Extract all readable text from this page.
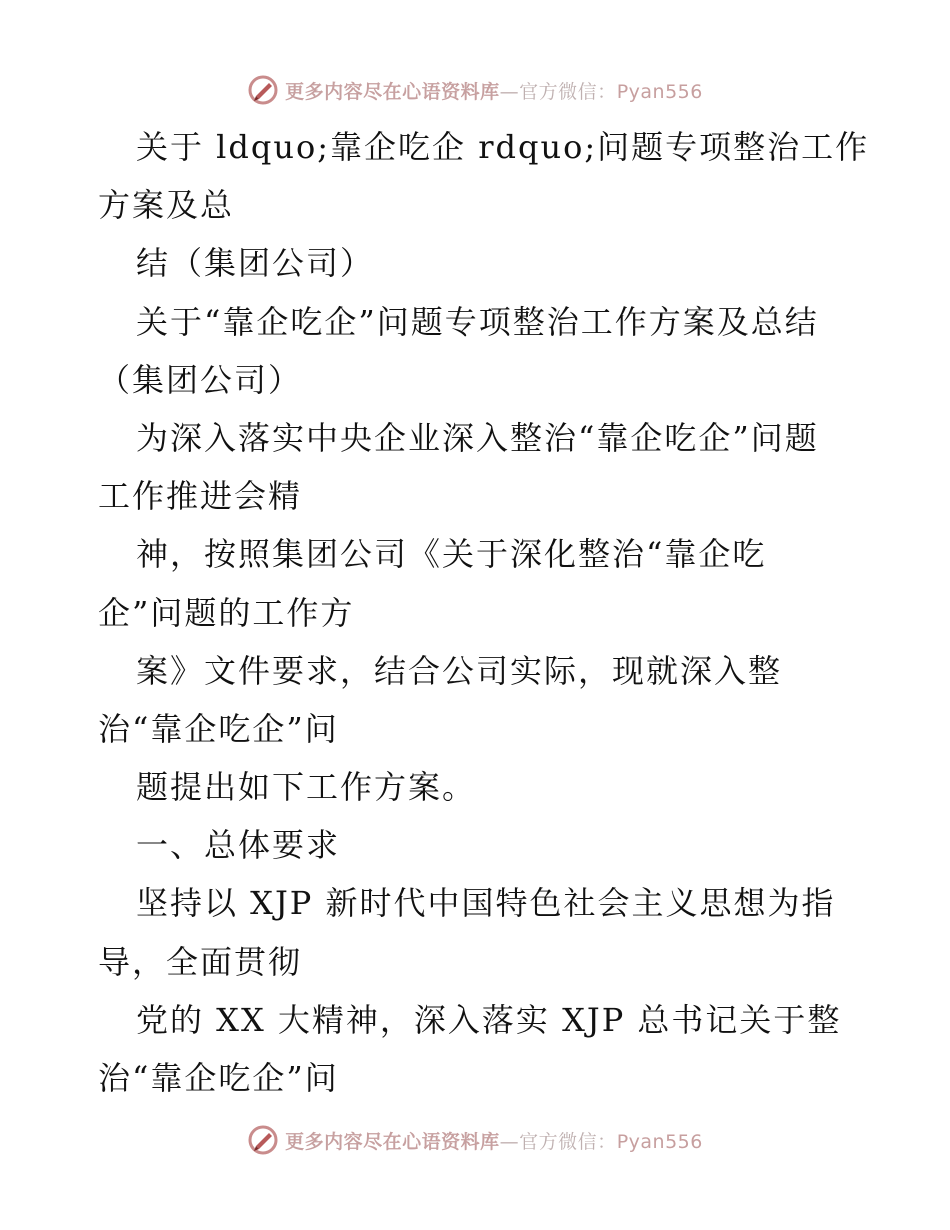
更多内容尽在心语资料库—官方微信：Pyan556
关于 ldquo;靠企吃企 rdquo;问题专项整治工作
方案及总
结（集团公司）
关于“靠企吃企”问题专项整治工作方案及总结
（集团公司）
为深入落实中央企业深入整治“靠企吃企”问题
工作推进会精
神，按照集团公司《关于深化整治“靠企吃
企”问题的工作方
案》文件要求，结合公司实际，现就深入整
治“靠企吃企”问
题提出如下工作方案。
一、总体要求
坚持以 XJP 新时代中国特色社会主义思想为指
导，全面贯彻
党的 XX 大精神，深入落实 XJP 总书记关于整
治“靠企吃企”问
更多内容尽在心语资料库—官方微信：Pyan556
